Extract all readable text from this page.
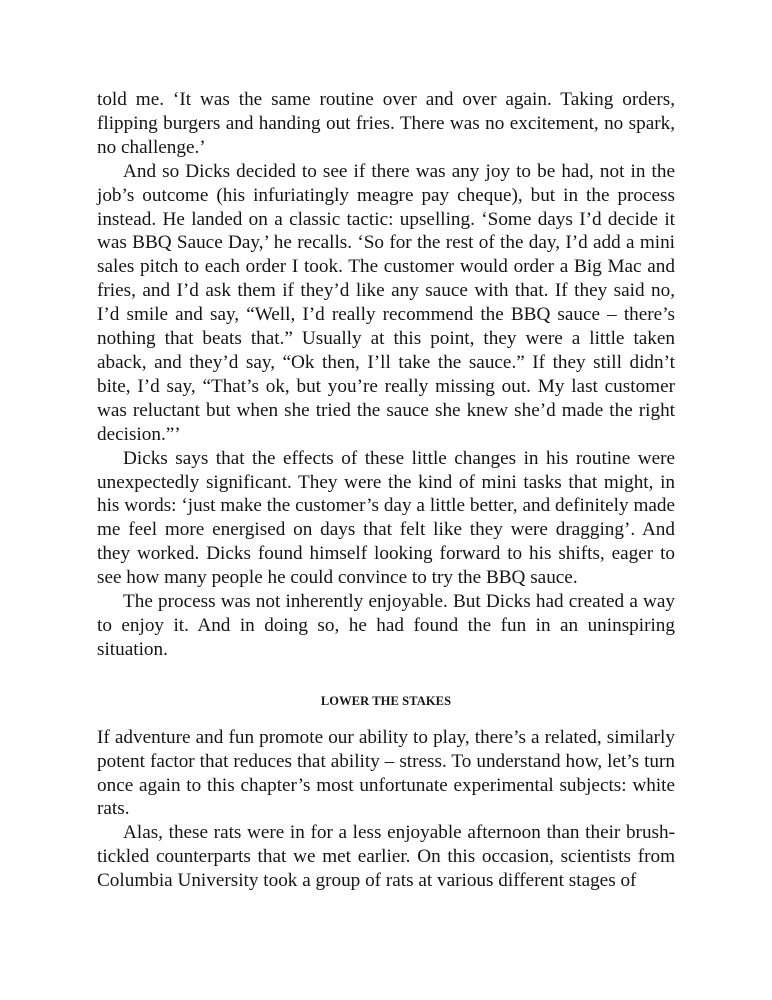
told me. ‘It was the same routine over and over again. Taking orders, flipping burgers and handing out fries. There was no excitement, no spark, no challenge.’

And so Dicks decided to see if there was any joy to be had, not in the job’s outcome (his infuriatingly meagre pay cheque), but in the process instead. He landed on a classic tactic: upselling. ‘Some days I’d decide it was BBQ Sauce Day,’ he recalls. ‘So for the rest of the day, I’d add a mini sales pitch to each order I took. The customer would order a Big Mac and fries, and I’d ask them if they’d like any sauce with that. If they said no, I’d smile and say, “Well, I’d really recommend the BBQ sauce – there’s nothing that beats that.” Usually at this point, they were a little taken aback, and they’d say, “Ok then, I’ll take the sauce.” If they still didn’t bite, I’d say, “That’s ok, but you’re really missing out. My last customer was reluctant but when she tried the sauce she knew she’d made the right decision.”’

Dicks says that the effects of these little changes in his routine were unexpectedly significant. They were the kind of mini tasks that might, in his words: ‘just make the customer’s day a little better, and definitely made me feel more energised on days that felt like they were dragging’. And they worked. Dicks found himself looking forward to his shifts, eager to see how many people he could convince to try the BBQ sauce.

The process was not inherently enjoyable. But Dicks had created a way to enjoy it. And in doing so, he had found the fun in an uninspiring situation.

LOWER THE STAKES

If adventure and fun promote our ability to play, there’s a related, similarly potent factor that reduces that ability – stress. To understand how, let’s turn once again to this chapter’s most unfortunate experimental subjects: white rats.

Alas, these rats were in for a less enjoyable afternoon than their brush-tickled counterparts that we met earlier. On this occasion, scientists from Columbia University took a group of rats at various different stages of
